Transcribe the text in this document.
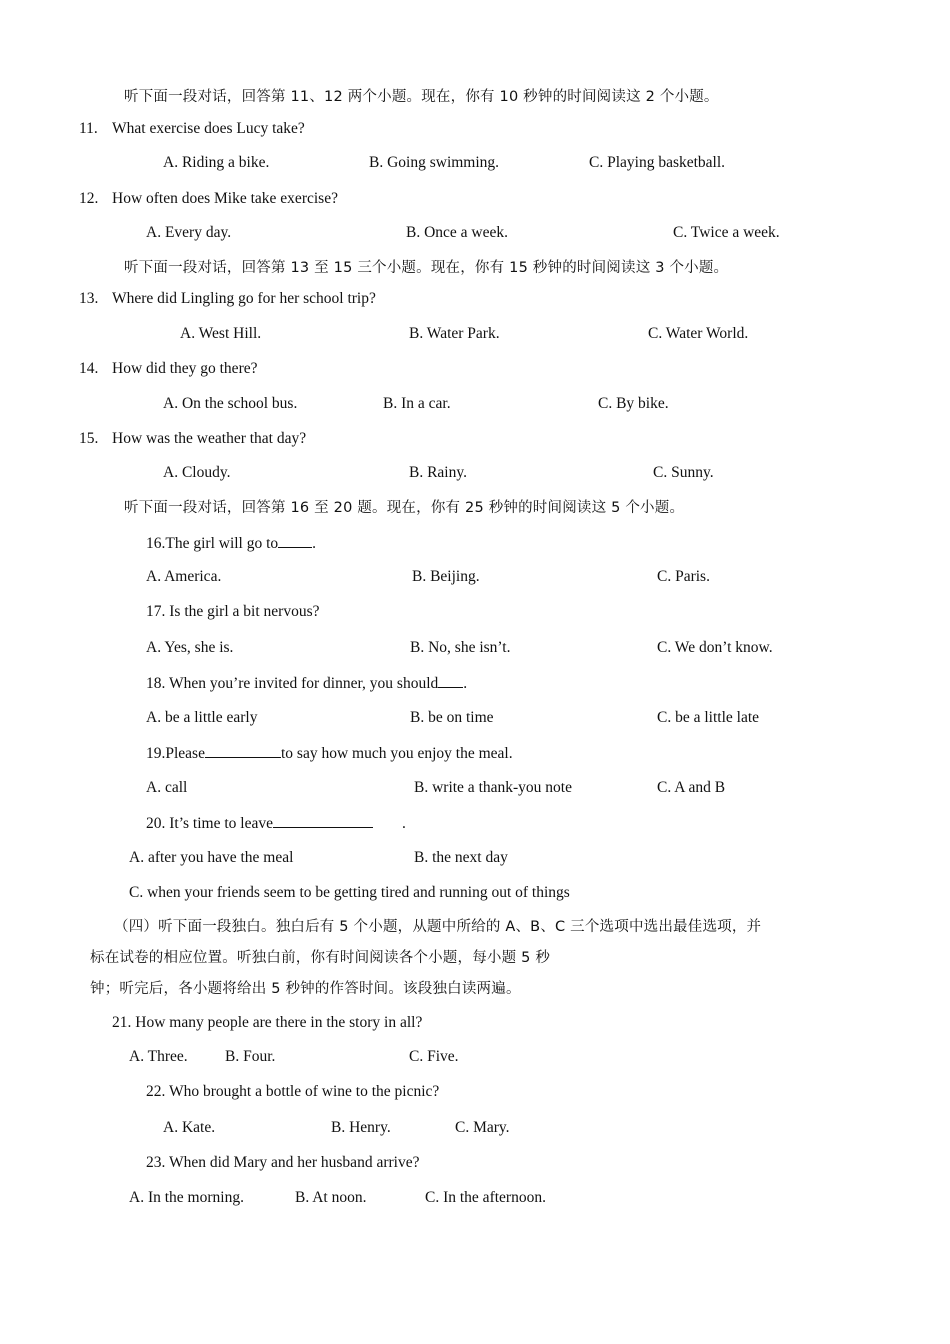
听下面一段对话，回答第 11、12 两个小题。现在，你有 10 秒钟的时间阅读这 2 个小题。
11. What exercise does Lucy take?
A. Riding a bike.	B. Going swimming.	C. Playing basketball.
12. How often does Mike take exercise?
A. Every day.	B. Once a week.	C. Twice a week.
听下面一段对话，回答第 13 至 15 三个小题。现在，你有 15 秒钟的时间阅读这 3 个小题。
13. Where did Lingling go for her school trip?
A. West Hill.	B. Water Park.	C. Water World.
14. How did they go there?
A. On the school bus.	B. In a car.	C. By bike.
15. How was the weather that day?
A. Cloudy.	B. Rainy.	C. Sunny.
听下面一段对话，回答第 16 至 20 题。现在，你有 25 秒钟的时间阅读这 5 个小题。
16.The girl will go to .
A. America.	B. Beijing.	C. Paris.
17. Is the girl a bit nervous?
A. Yes, she is.	B. No, she isn’t.	C. We don’t know.
18. When you’re invited for dinner, you should .
A. be a little early	B. be on time	C. be a little late
19.Please	to say how much you enjoy the meal.
A. call	B. write a thank-you note	C. A and B
20. It’s time to leave	.
A. after you have the meal	B. the next day
C. when your friends seem to be getting tired and running out of things
（四）听下面一段独白。独白后有 5 个小题，从题中所给的 A、B、C 三个选项中选出最佳选项，并
标在试卷的相应位置。听独白前，你有时间阅读各个小题，每小题 5 秒
钟；听完后，各小题将给出 5 秒钟的作答时间。该段独白读两遍。
21. How many people are there in the story in all?
A. Three. B. Four.	C. Five.
22. Who brought a bottle of wine to the picnic?
A. Kate.	B. Henry.	C. Mary.
23. When did Mary and her husband arrive?
A. In the morning.	B. At noon.	C. In the afternoon.
